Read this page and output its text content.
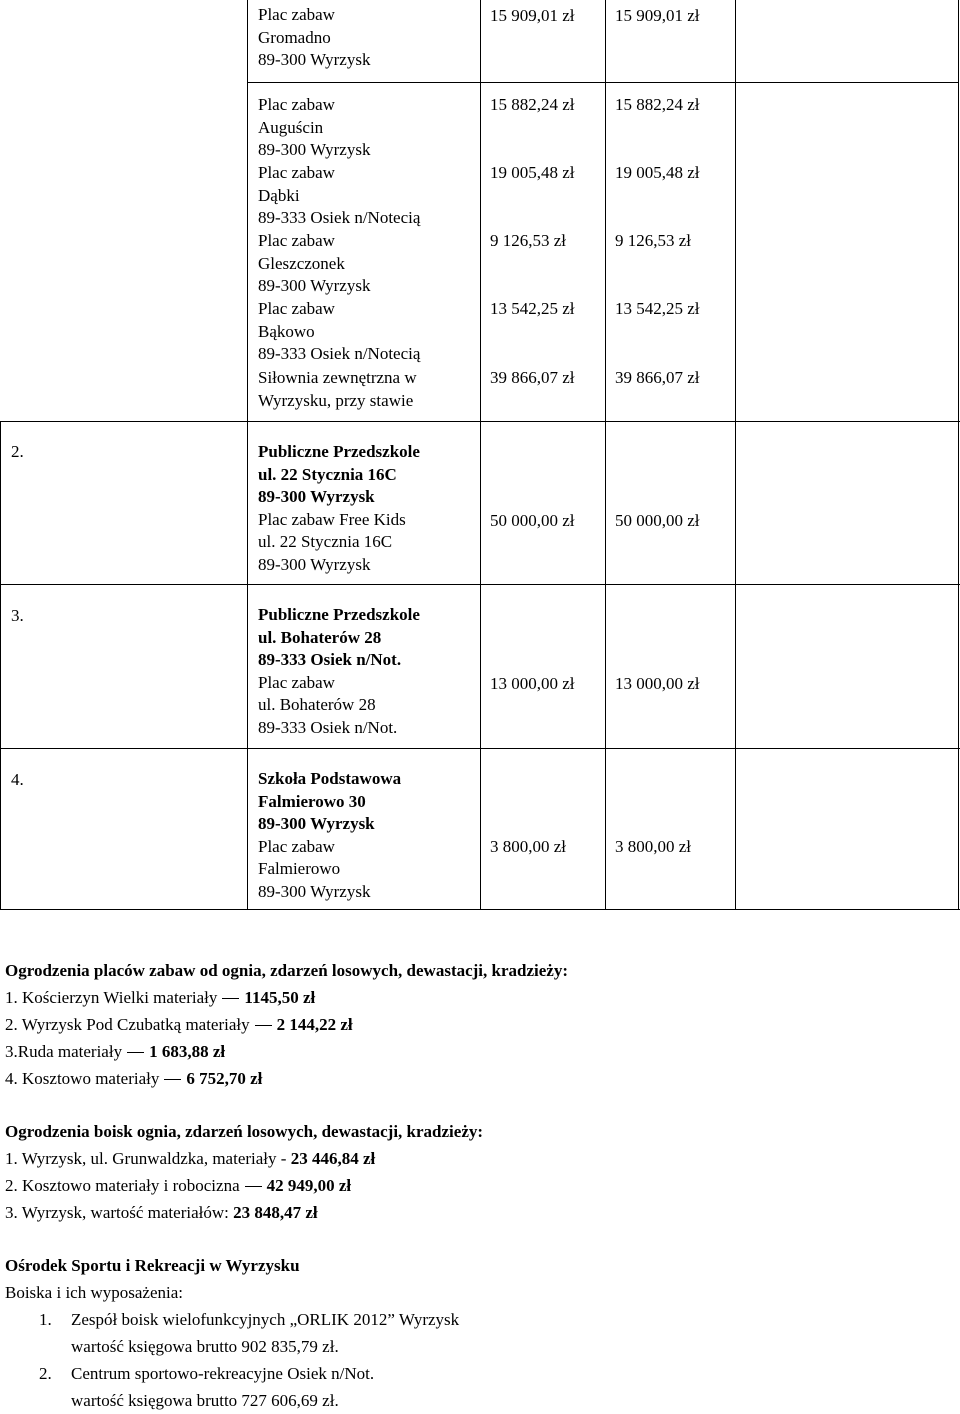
Plac zabaw
Gromadno
89-300 Wyrzysk
15 909,01 zł 15 909,01 zł
Plac zabaw
Auguścin
89-300 Wyrzysk
15 882,24 zł 15 882,24 zł
Plac zabaw
Dąbki
89-333 Osiek n/Notecią
19 005,48 zł 19 005,48 zł
Plac zabaw
Gleszczonek
89-300 Wyrzysk
9 126,53 zł	9 126,53 zł
Plac zabaw
Bąkowo
89-333 Osiek n/Notecią
13 542,25 zł 13 542,25 zł
Siłownia zewnętrzna w
Wyrzysku, przy stawie
39 866,07 zł 39 866,07 zł
2.	Publiczne Przedszkole
ul. 22 Stycznia 16C
89-300 Wyrzysk
Plac zabaw Free Kids
ul. 22 Stycznia 16C
89-300 Wyrzysk
50 000,00 zł 50 000,00 zł
3.	Publiczne Przedszkole
ul. Bohaterów 28
89-333 Osiek n/Not.
Plac zabaw
ul. Bohaterów 28
89-333 Osiek n/Not.
13 000,00 zł 13 000,00 zł
4.	Szkoła Podstawowa
Falmierowo 30
89-300 Wyrzysk
Plac zabaw
Falmierowo
89-300 Wyrzysk
3 800,00 zł	3 800,00 zł
Ogrodzenia placów zabaw od ognia, zdarzeń losowych, dewastacji, kradzieży:
1. Kościerzyn Wielki materiały 1145,50 zł
2. Wyrzysk Pod Czubatką materiały 2 144,22 zł
3.Ruda materiały 1 683,88 zł
4. Kosztowo materiały 6 752,70 zł
Ogrodzenia boisk ognia, zdarzeń losowych, dewastacji, kradzieży:
1. Wyrzysk, ul. Grunwaldzka, materiały - 23 446,84 zł
2. Kosztowo materiały i robocizna 42 949,00 zł
3. Wyrzysk, wartość materiałów: 23 848,47 zł
Ośrodek Sportu i Rekreacji w Wyrzysku
Boiska i ich wyposażenia:
1. Zespół boisk wielofunkcyjnych „ORLIK 2012” Wyrzysk
wartość księgowa brutto 902 835,79 zł.
2. Centrum sportowo-rekreacyjne Osiek n/Not.
wartość księgowa brutto 727 606,69 zł.
